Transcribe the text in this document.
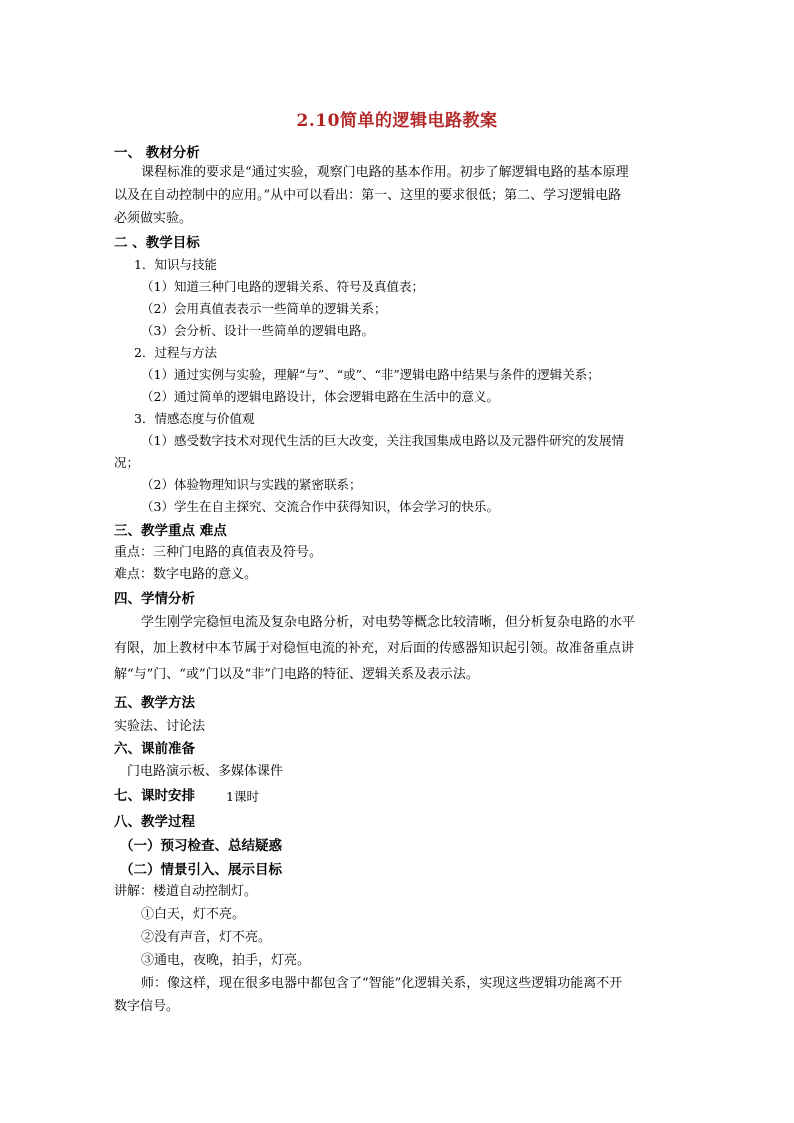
2.10简单的逻辑电路教案
一、 教材分析
课程标准的要求是“通过实验，观察门电路的基本作用。初步了解逻辑电路的基本原理
以及在自动控制中的应用。”从中可以看出：第一、这里的要求很低；第二、学习逻辑电路
必须做实验。
二 、教学目标
1．知识与技能
（1）知道三种门电路的逻辑关系、符号及真值表；
（2）会用真值表表示一些简单的逻辑关系；
（3）会分析、设计一些简单的逻辑电路。
2．过程与方法
（1）通过实例与实验，理解“与”、“或”、“非”逻辑电路中结果与条件的逻辑关系；
（2）通过简单的逻辑电路设计，体会逻辑电路在生活中的意义。
3．情感态度与价值观
（1）感受数字技术对现代生活的巨大改变，关注我国集成电路以及元器件研究的发展情
况；
（2）体验物理知识与实践的紧密联系；
（3）学生在自主探究、交流合作中获得知识，体会学习的快乐。
三、教学重点 难点
重点：三种门电路的真值表及符号。
难点：数字电路的意义。
四、学情分析
学生刚学完稳恒电流及复杂电路分析，对电势等概念比较清晰，但分析复杂电路的水平
有限，加上教材中本节属于对稳恒电流的补充，对后面的传感器知识起引领。故准备重点讲
解“与”门、“或”门以及“非”门电路的特征、逻辑关系及表示法。
五、教学方法
实验法、讨论法
六、课前准备
门电路演示板、多媒体课件
七、课时安排	1课时
八、教学过程
（一）预习检查、总结疑惑
（二）情景引入、展示目标
讲解：楼道自动控制灯。
①白天，灯不亮。
②没有声音，灯不亮。
③通电，夜晚，拍手，灯亮。
师：像这样，现在很多电器中都包含了“智能”化逻辑关系，实现这些逻辑功能离不开
数字信号。
